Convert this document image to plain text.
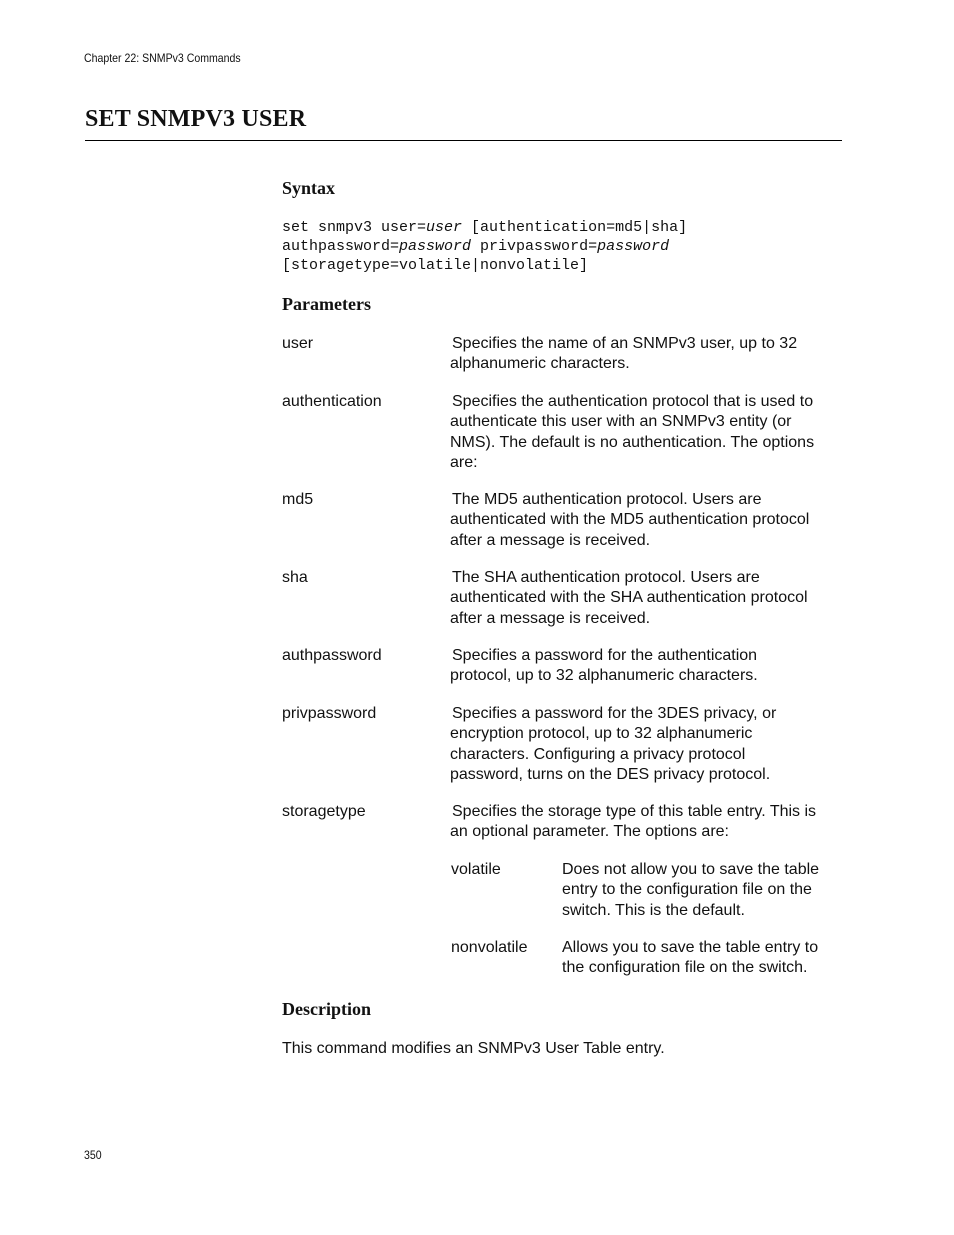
Chapter 22: SNMPv3 Commands
SET SNMPV3 USER
Syntax
set snmpv3 user=user [authentication=md5|sha]
authpassword=password privpassword=password
[storagetype=volatile|nonvolatile]
Parameters
user	Specifies the name of an SNMPv3 user, up to 32
alphanumeric characters.
authentication	Specifies the authentication protocol that is used to
authenticate this user with an SNMPv3 entity (or
NMS). The default is no authentication. The options
are:
md5	The MD5 authentication protocol. Users are
authenticated with the MD5 authentication protocol
after a message is received.
sha	The SHA authentication protocol. Users are
authenticated with the SHA authentication protocol
after a message is received.
authpassword	Specifies a password for the authentication
protocol, up to 32 alphanumeric characters.
privpassword	Specifies a password for the 3DES privacy, or
encryption protocol, up to 32 alphanumeric
characters. Configuring a privacy protocol
password, turns on the DES privacy protocol.
storagetype	Specifies the storage type of this table entry. This is
an optional parameter. The options are:
volatile	Does not allow you to save the table
entry to the configuration file on the
switch. This is the default.
nonvolatile Allows you to save the table entry to
the configuration file on the switch.
Description
This command modifies an SNMPv3 User Table entry.
350
